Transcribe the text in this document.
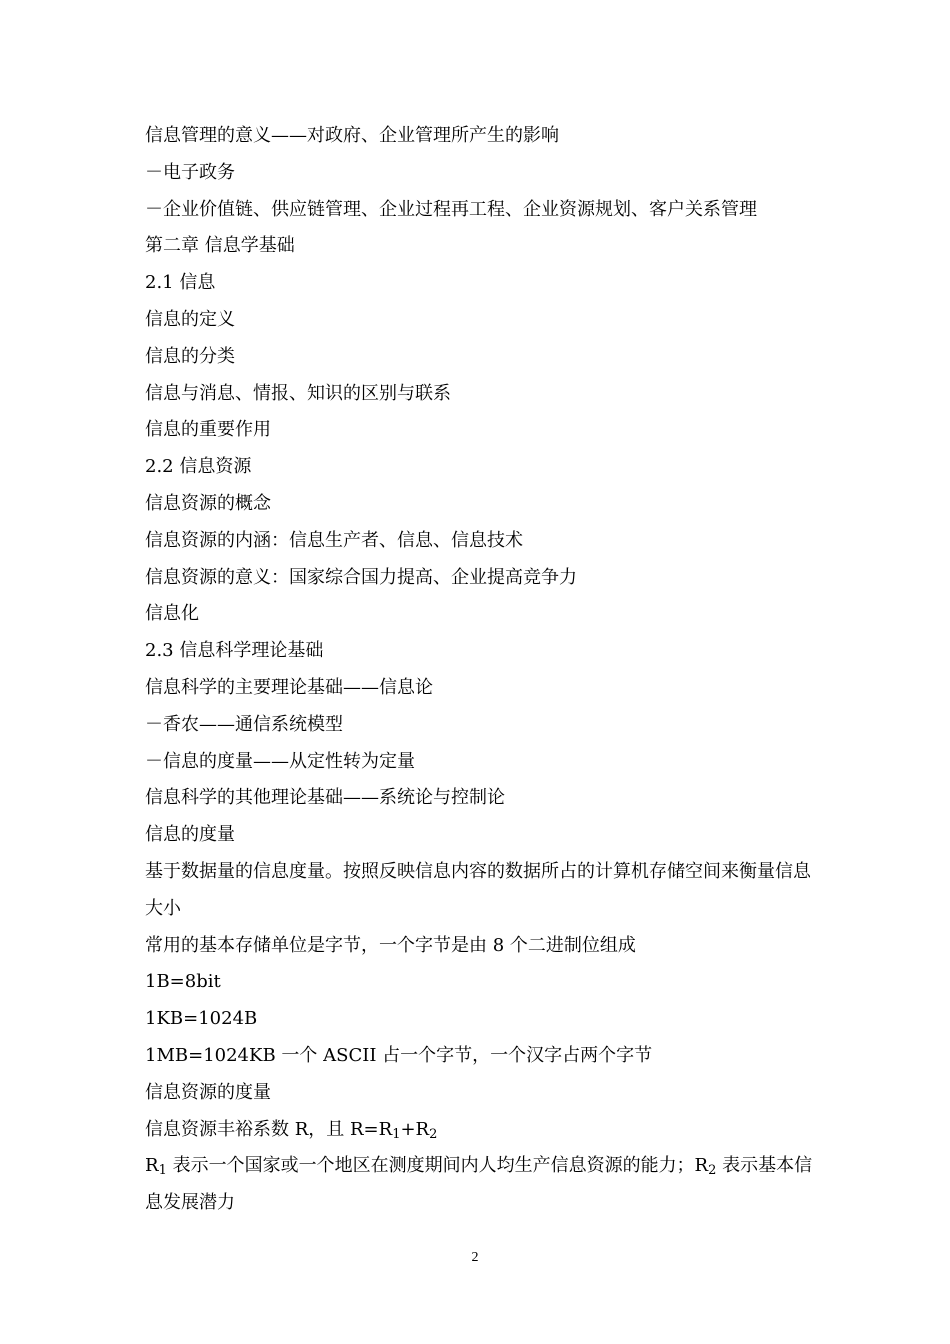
信息管理的意义——对政府、企业管理所产生的影响

－电子政务

－企业价值链、供应链管理、企业过程再工程、企业资源规划、客户关系管理

第二章 信息学基础

2.1 信息

信息的定义

信息的分类

信息与消息、情报、知识的区别与联系

信息的重要作用

2.2 信息资源

信息资源的概念

信息资源的内涵：信息生产者、信息、信息技术

信息资源的意义：国家综合国力提高、企业提高竞争力

信息化

2.3 信息科学理论基础

信息科学的主要理论基础——信息论

－香农——通信系统模型

－信息的度量——从定性转为定量

信息科学的其他理论基础——系统论与控制论

信息的度量

基于数据量的信息度量。按照反映信息内容的数据所占的计算机存储空间来衡量信息大小

常用的基本存储单位是字节，一个字节是由 8 个二进制位组成

1B=8bit

1KB=1024B

1MB=1024KB 一个 ASCII 占一个字节，一个汉字占两个字节

信息资源的度量

信息资源丰裕系数 R，且 $R=R_1+R_2$

$R_1$ 表示一个国家或一个地区在测度期间内人均生产信息资源的能力；$R_2$ 表示基本信息发展潜力

2
